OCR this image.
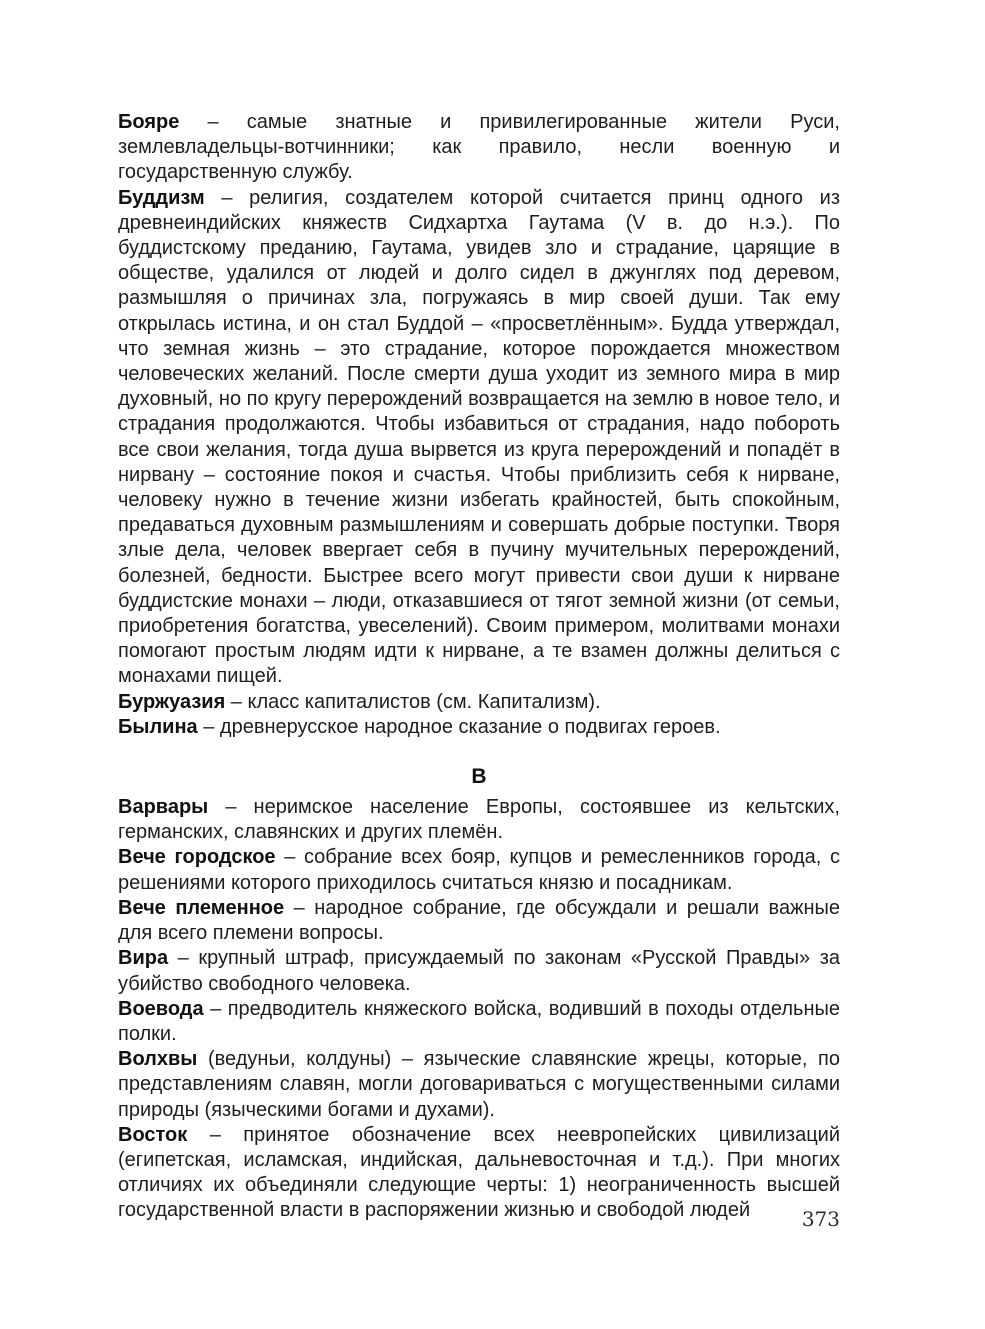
Бояре – самые знатные и привилегированные жители Руси, землевладельцы-вотчинники; как правило, несли военную и государственную службу.

Буддизм – религия, создателем которой считается принц одного из древнеиндийских княжеств Сидхартха Гаутама (V в. до н.э.). По буддистскому преданию, Гаутама, увидев зло и страдание, царящие в обществе, удалился от людей и долго сидел в джунглях под деревом, размышляя о причинах зла, погружаясь в мир своей души. Так ему открылась истина, и он стал Буддой – «просветлённым». Будда утверждал, что земная жизнь – это страдание, которое порождается множеством человеческих желаний. После смерти душа уходит из земного мира в мир духовный, но по кругу перерождений возвращается на землю в новое тело, и страдания продолжаются. Чтобы избавиться от страдания, надо побороть все свои желания, тогда душа вырвется из круга перерождений и попадёт в нирвану – состояние покоя и счастья. Чтобы приблизить себя к нирване, человеку нужно в течение жизни избегать крайностей, быть спокойным, предаваться духовным размышлениям и совершать добрые поступки. Творя злые дела, человек ввергает себя в пучину мучительных перерождений, болезней, бедности. Быстрее всего могут привести свои души к нирване буддистские монахи – люди, отказавшиеся от тягот земной жизни (от семьи, приобретения богатства, увеселений). Своим примером, молитвами монахи помогают простым людям идти к нирване, а те взамен должны делиться с монахами пищей.

Буржуазия – класс капиталистов (см. Капитализм).

Былина – древнерусское народное сказание о подвигах героев.

В

Варвары – неримское население Европы, состоявшее из кельтских, германских, славянских и других племён.

Вече городское – собрание всех бояр, купцов и ремесленников города, с решениями которого приходилось считаться князю и посадникам.

Вече племенное – народное собрание, где обсуждали и решали важные для всего племени вопросы.

Вира – крупный штраф, присуждаемый по законам «Русской Правды» за убийство свободного человека.

Воевода – предводитель княжеского войска, водивший в походы отдельные полки.

Волхвы (ведуньи, колдуны) – языческие славянские жрецы, которые, по представлениям славян, могли договариваться с могущественными силами природы (языческими богами и духами).

Восток – принятое обозначение всех неевропейских цивилизаций (египетская, исламская, индийская, дальневосточная и т.д.). При многих отличиях их объединяли следующие черты: 1) неограниченность высшей государственной власти в распоряжении жизнью и свободой людей	373
